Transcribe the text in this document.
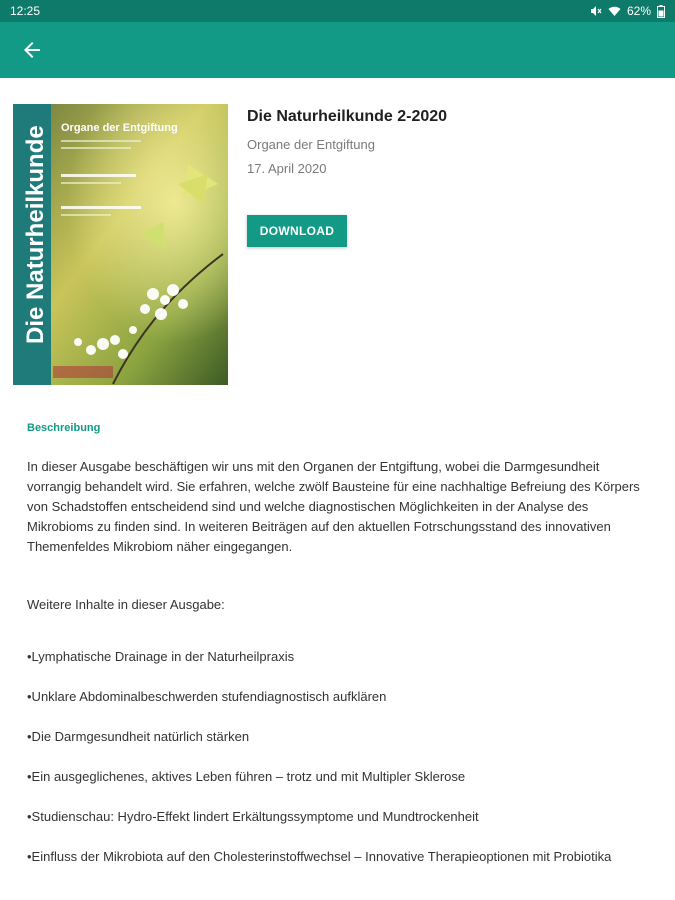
12:25	62%
Die Naturheilkunde Organe der Entgiftung
Die Naturheilkunde 2-2020
Organe der Entgiftung
17. April 2020
DOWNLOAD
Beschreibung

In dieser Ausgabe beschäftigen wir uns mit den Organen der Entgiftung, wobei die Darmgesundheit vorrangig behandelt wird. Sie erfahren, welche zwölf Bausteine für eine nachhaltige Befreiung des Körpers von Schadstoffen entscheidend sind und welche diagnostischen Möglichkeiten in der Analyse des Mikrobioms zu finden sind. In weiteren Beiträgen auf den aktuellen Fotrschungsstand des innovativen Themenfeldes Mikrobiom näher eingegangen.

Weitere Inhalte in dieser Ausgabe:

•Lymphatische Drainage in der Naturheilpraxis
•Unklare Abdominalbeschwerden stufendiagnostisch aufklären
•Die Darmgesundheit natürlich stärken
•Ein ausgeglichenes, aktives Leben führen – trotz und mit Multipler Sklerose
•Studienschau: Hydro-Effekt lindert Erkältungssymptome und Mundtrockenheit
•Einfluss der Mikrobiota auf den Cholesterinstoffwechsel – Innovative Therapieoptionen mit Probiotika
